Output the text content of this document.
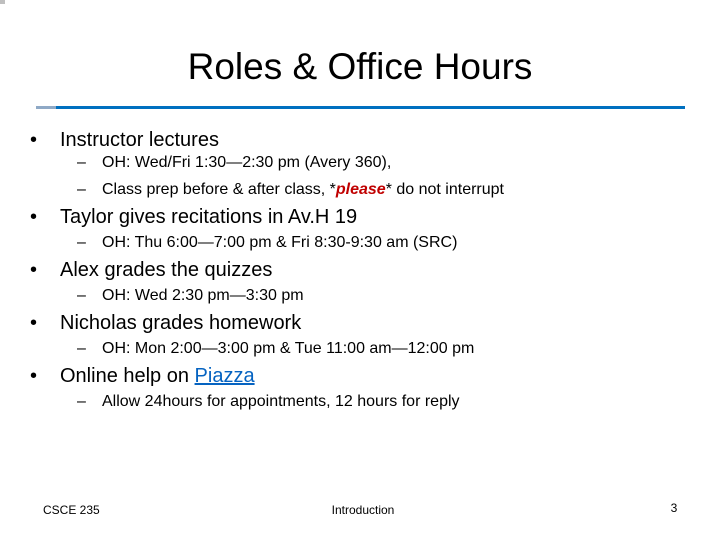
Roles & Office Hours
• Instructor lectures
– OH: Wed/Fri 1:30—2:30 pm (Avery 360),
– Class prep before & after class, *please* do not interrupt
• Taylor gives recitations in Av.H 19
– OH: Thu 6:00—7:00 pm & Fri 8:30-9:30 am (SRC)
• Alex grades the quizzes
– OH: Wed 2:30 pm—3:30 pm
• Nicholas grades homework
– OH: Mon 2:00—3:00 pm & Tue 11:00 am—12:00 pm
• Online help on Piazza
– Allow 24hours for appointments, 12 hours for reply
CSCE 235	Introduction	3
